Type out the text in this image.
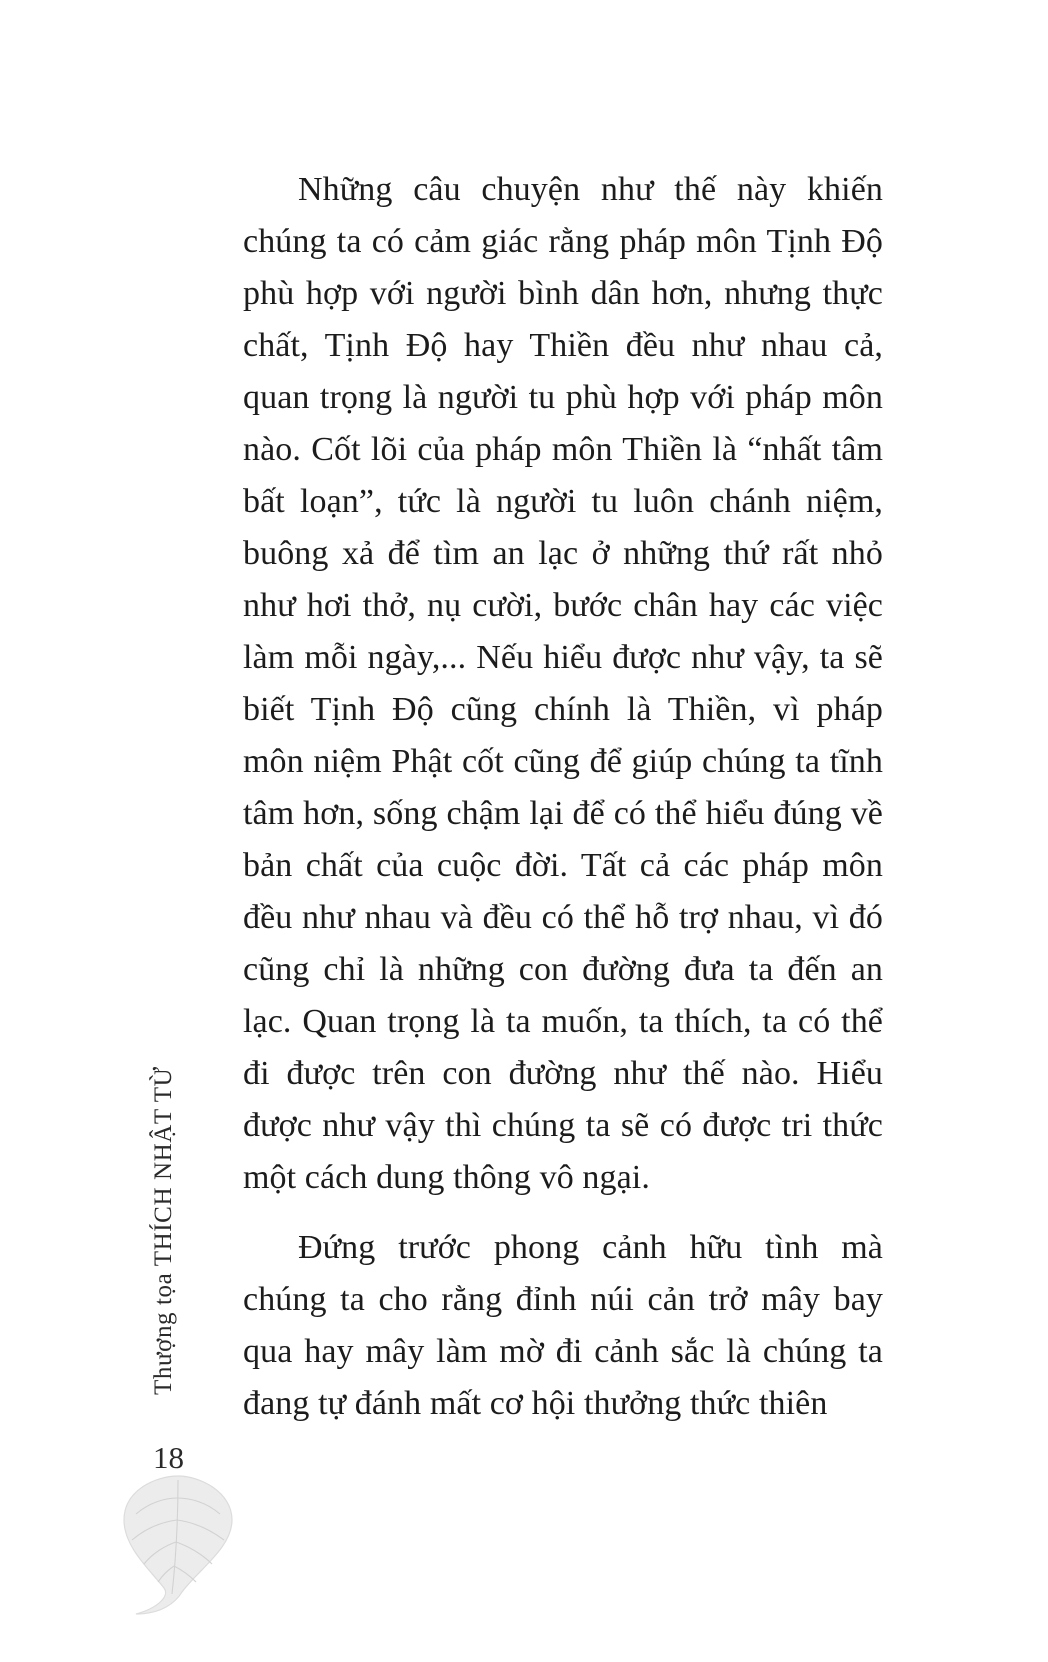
Những câu chuyện như thế này khiến chúng ta có cảm giác rằng pháp môn Tịnh Độ phù hợp với người bình dân hơn, nhưng thực chất, Tịnh Độ hay Thiền đều như nhau cả, quan trọng là người tu phù hợp với pháp môn nào. Cốt lõi của pháp môn Thiền là “nhất tâm bất loạn”, tức là người tu luôn chánh niệm, buông xả để tìm an lạc ở những thứ rất nhỏ như hơi thở, nụ cười, bước chân hay các việc làm mỗi ngày,... Nếu hiểu được như vậy, ta sẽ biết Tịnh Độ cũng chính là Thiền, vì pháp môn niệm Phật cốt cũng để giúp chúng ta tĩnh tâm hơn, sống chậm lại để có thể hiểu đúng về bản chất của cuộc đời. Tất cả các pháp môn đều như nhau và đều có thể hỗ trợ nhau, vì đó cũng chỉ là những con đường đưa ta đến an lạc. Quan trọng là ta muốn, ta thích, ta có thể đi được trên con đường như thế nào. Hiểu được như vậy thì chúng ta sẽ có được tri thức một cách dung thông vô ngại.

Đứng trước phong cảnh hữu tình mà chúng ta cho rằng đỉnh núi cản trở mây bay qua hay mây làm mờ đi cảnh sắc là chúng ta đang tự đánh mất cơ hội thưởng thức thiên

Thượng tọa THÍCH NHẬT TỪ
18
